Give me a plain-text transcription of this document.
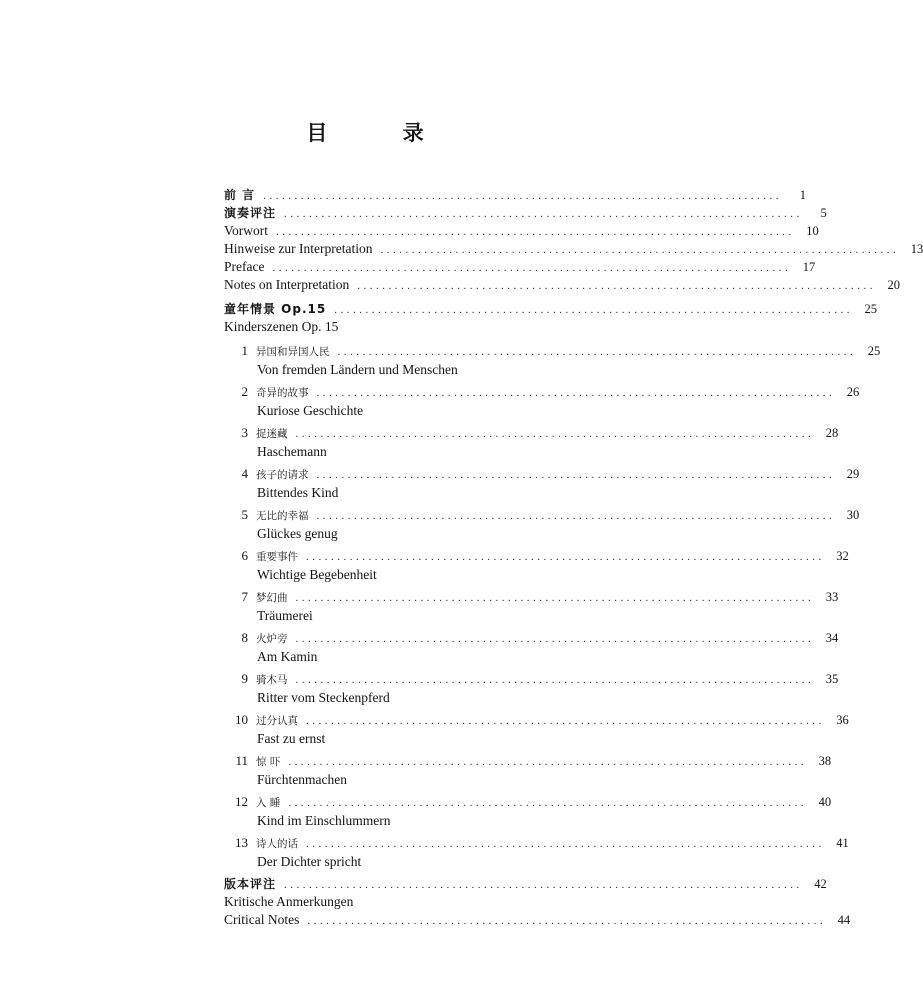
目 录
前 言 ...................................................................................	1
演奏评注 ...................................................................................	5
Vorwort ................................................................................... 10
Hinweise zur Interpretation ................................................................................... 13
Preface ................................................................................... 17
Notes on Interpretation ................................................................................... 20
童年情景 Op.15 ................................................................................... 25
Kinderszenen Op. 15
1 异国和异国人民 ................................................................................... 25
Von fremden Ländern und Menschen
2 奇异的故事 ................................................................................... 26
Kuriose Geschichte
3 捉迷藏 ................................................................................... 28
Haschemann
4 孩子的请求 ................................................................................... 29
Bittendes Kind
5 无比的幸福 ................................................................................... 30
Glückes genug
6 重要事件 ................................................................................... 32
Wichtige Begebenheit
7 梦幻曲 ................................................................................... 33
Träumerei
8 火炉旁 ................................................................................... 34
Am Kamin
9 骑木马 ................................................................................... 35
Ritter vom Steckenpferd
10 过分认真 ................................................................................... 36
Fast zu ernst
11 惊 吓 ................................................................................... 38
Fürchtenmachen
12 入 睡 ................................................................................... 40
Kind im Einschlummern
13 诗人的话 ................................................................................... 41
Der Dichter spricht
版本评注 ................................................................................... 42
Kritische Anmerkungen
Critical Notes ................................................................................... 44
